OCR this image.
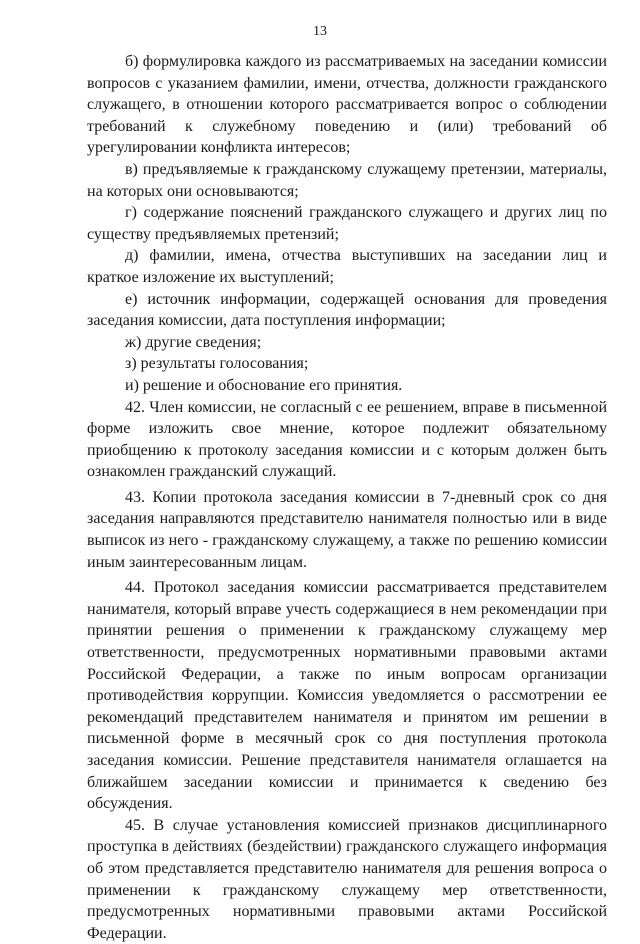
13

б) формулировка каждого из рассматриваемых на заседании комиссии вопросов с указанием фамилии, имени, отчества, должности гражданского служащего, в отношении которого рассматривается вопрос о соблюдении требований к служебному поведению и (или) требований об урегулировании конфликта интересов;

в) предъявляемые к гражданскому служащему претензии, материалы, на которых они основываются;

г) содержание пояснений гражданского служащего и других лиц по существу предъявляемых претензий;

д) фамилии, имена, отчества выступивших на заседании лиц и краткое изложение их выступлений;

е) источник информации, содержащей основания для проведения заседания комиссии, дата поступления информации;

ж) другие сведения;

з) результаты голосования;

и) решение и обоснование его принятия.

42. Член комиссии, не согласный с ее решением, вправе в письменной форме изложить свое мнение, которое подлежит обязательному приобщению к протоколу заседания комиссии и с которым должен быть ознакомлен гражданский служащий.

43. Копии протокола заседания комиссии в 7-дневный срок со дня заседания направляются представителю нанимателя полностью или в виде выписок из него - гражданскому служащему, а также по решению комиссии иным заинтересованным лицам.

44. Протокол заседания комиссии рассматривается представителем нанимателя, который вправе учесть содержащиеся в нем рекомендации при принятии решения о применении к гражданскому служащему мер ответственности, предусмотренных нормативными правовыми актами Российской Федерации, а также по иным вопросам организации противодействия коррупции. Комиссия уведомляется о рассмотрении ее рекомендаций представителем нанимателя и принятом им решении в письменной форме в месячный срок со дня поступления протокола заседания комиссии. Решение представителя нанимателя оглашается на ближайшем заседании комиссии и принимается к сведению без обсуждения.

45. В случае установления комиссией признаков дисциплинарного проступка в действиях (бездействии) гражданского служащего информация об этом представляется представителю нанимателя для решения вопроса о применении к гражданскому служащему мер ответственности, предусмотренных нормативными правовыми актами Российской Федерации.
